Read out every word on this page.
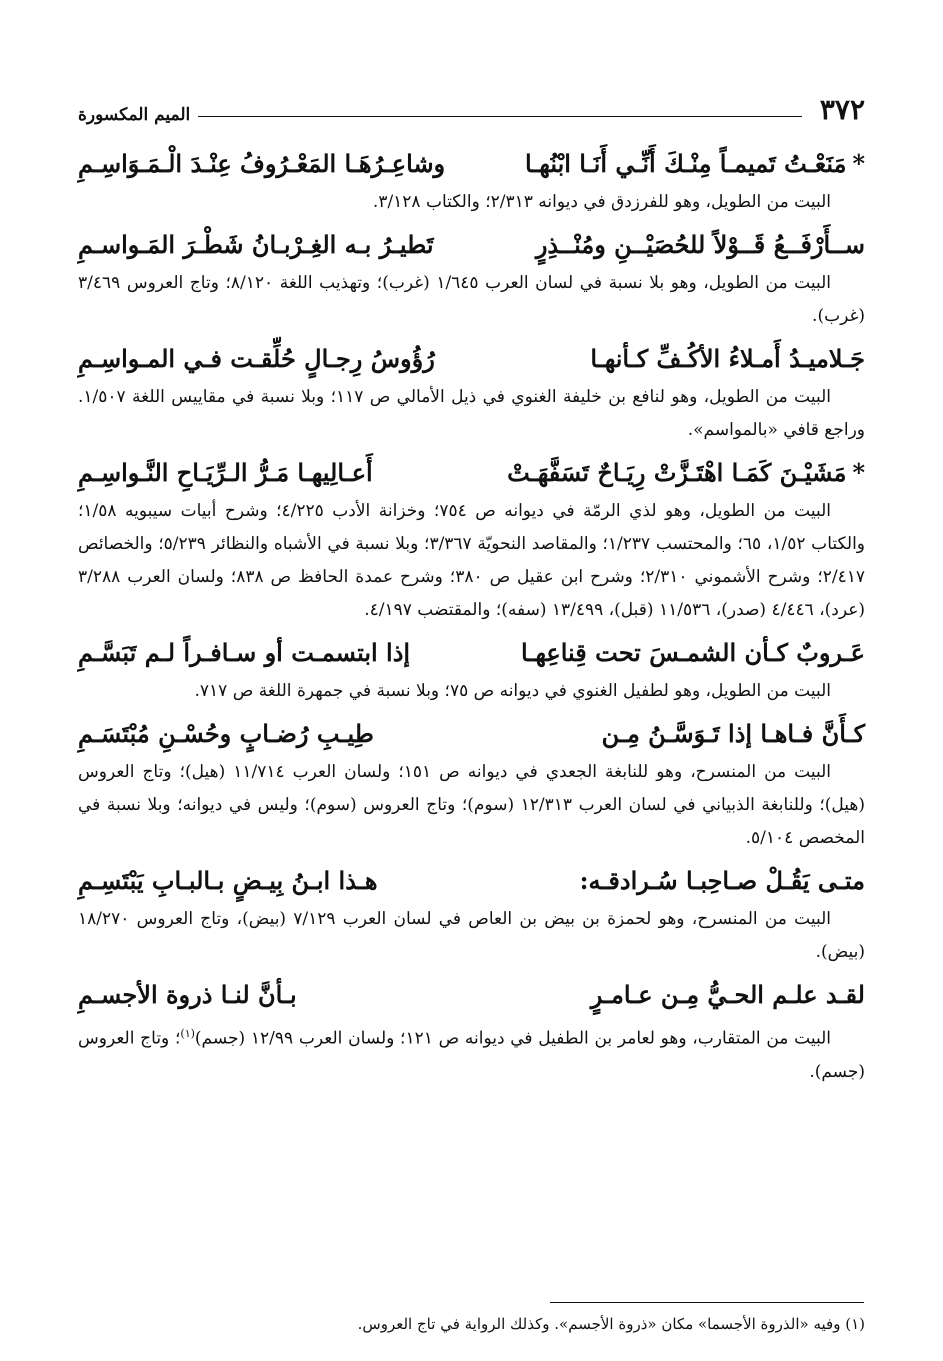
٣٧٢
الميم المكسورة
*مَنَعْـتُ تَميمـاً مِنْـكَ أَنِّـي أَنَـا ابْنُهـا
وشاعِـرُهَـا المَعْـرُوفُ عِنْـدَ الْـمَـوَاسِـمِ

البيت من الطويل، وهو للفرزدق في ديوانه ٢/٣١٣؛ والكتاب ٣/١٢٨.

ســأَرْفَــعُ قَــوْلاً للحُصَيْــنِ ومُنْــذِرٍ
تَطيـرُ بـه الغِـرْبـانُ شَطْـرَ المَـواسـمِ

البيت من الطويل، وهو بلا نسبة في لسان العرب ١/٦٤٥ (غرب)؛ وتهذيب اللغة ٨/١٢٠؛ وتاج العروس ٣/٤٦٩ (غرب).

جَـلاميـدُ أَمـلاءُ الأكُـفِّ كـأنهـا
رُؤُوسُ رِجـالٍ حُلِّقـت فـي المـواسِـمِ

البيت من الطويل، وهو لنافع بن خليفة الغنوي في ذيل الأمالي ص ١١٧؛ وبلا نسبة في مقاييس اللغة ١/٥٠٧. وراجع قافي «بالمواسم».

*مَشَيْـنَ كَمَـا اهْتَـزَّتْ رِيَـاحٌ تَسَفَّهَـتْ
أَعـالِيهـا مَـرُّ الـرِّيَـاحِ النَّـواسِـمِ

البيت من الطويل، وهو لذي الرمّة في ديوانه ص ٧٥٤؛ وخزانة الأدب ٤/٢٢٥؛ وشرح أبيات سيبويه ١/٥٨؛ والكتاب ١/٥٢، ٦٥؛ والمحتسب ١/٢٣٧؛ والمقاصد النحويّة ٣/٣٦٧؛ وبلا نسبة في الأشباه والنظائر ٥/٢٣٩؛ والخصائص ٢/٤١٧؛ وشرح الأشموني ٢/٣١٠؛ وشرح ابن عقيل ص ٣٨٠؛ وشرح عمدة الحافظ ص ٨٣٨؛ ولسان العرب ٣/٢٨٨ (عرد)، ٤/٤٤٦ (صدر)، ١١/٥٣٦ (قبل)، ١٣/٤٩٩ (سفه)؛ والمقتضب ٤/١٩٧.

عَـروبٌ كـأن الشمـسَ تحت قِناعِهـا
إذا ابتسمـت أو سـافـراً لـم تَبَسَّـمِ

البيت من الطويل، وهو لطفيل الغنوي في ديوانه ص ٧٥؛ وبلا نسبة في جمهرة اللغة ص ٧١٧.

كـأَنَّ فـاهـا إذا تَـوَسَّـنُ مِـن
طِيـبِ رُضـابٍ وحُسْـنِ مُبْتَسَـمِ

البيت من المنسرح، وهو للنابغة الجعدي في ديوانه ص ١٥١؛ ولسان العرب ١١/٧١٤ (هيل)؛ وتاج العروس (هيل)؛ وللنابغة الذبياني في لسان العرب ١٢/٣١٣ (سوم)؛ وتاج العروس (سوم)؛ وليس في ديوانه؛ وبلا نسبة في المخصص ٥/١٠٤.

متـى يَقُـلْ صـاحِبـا سُـرادقـه:
هـذا ابـنُ بِيـضٍ بـالبـابِ يَبْتَسِـمِ

البيت من المنسرح، وهو لحمزة بن بيض بن العاص في لسان العرب ٧/١٢٩ (بيض)، وتاج العروس ١٨/٢٧٠ (بيض).

لقـد علـم الحـيُّ مِـن عـامـرٍ
بـأنَّ لنـا ذروة الأجسـمِ

البيت من المتقارب، وهو لعامر بن الطفيل في ديوانه ص ١٢١؛ ولسان العرب ١٢/٩٩ (جسم)$^{(١)}$؛ وتاج العروس (جسم).

(١) وفيه «الذروة الأجسما» مكان «ذروة الأجسم». وكذلك الرواية في تاج العروس.
